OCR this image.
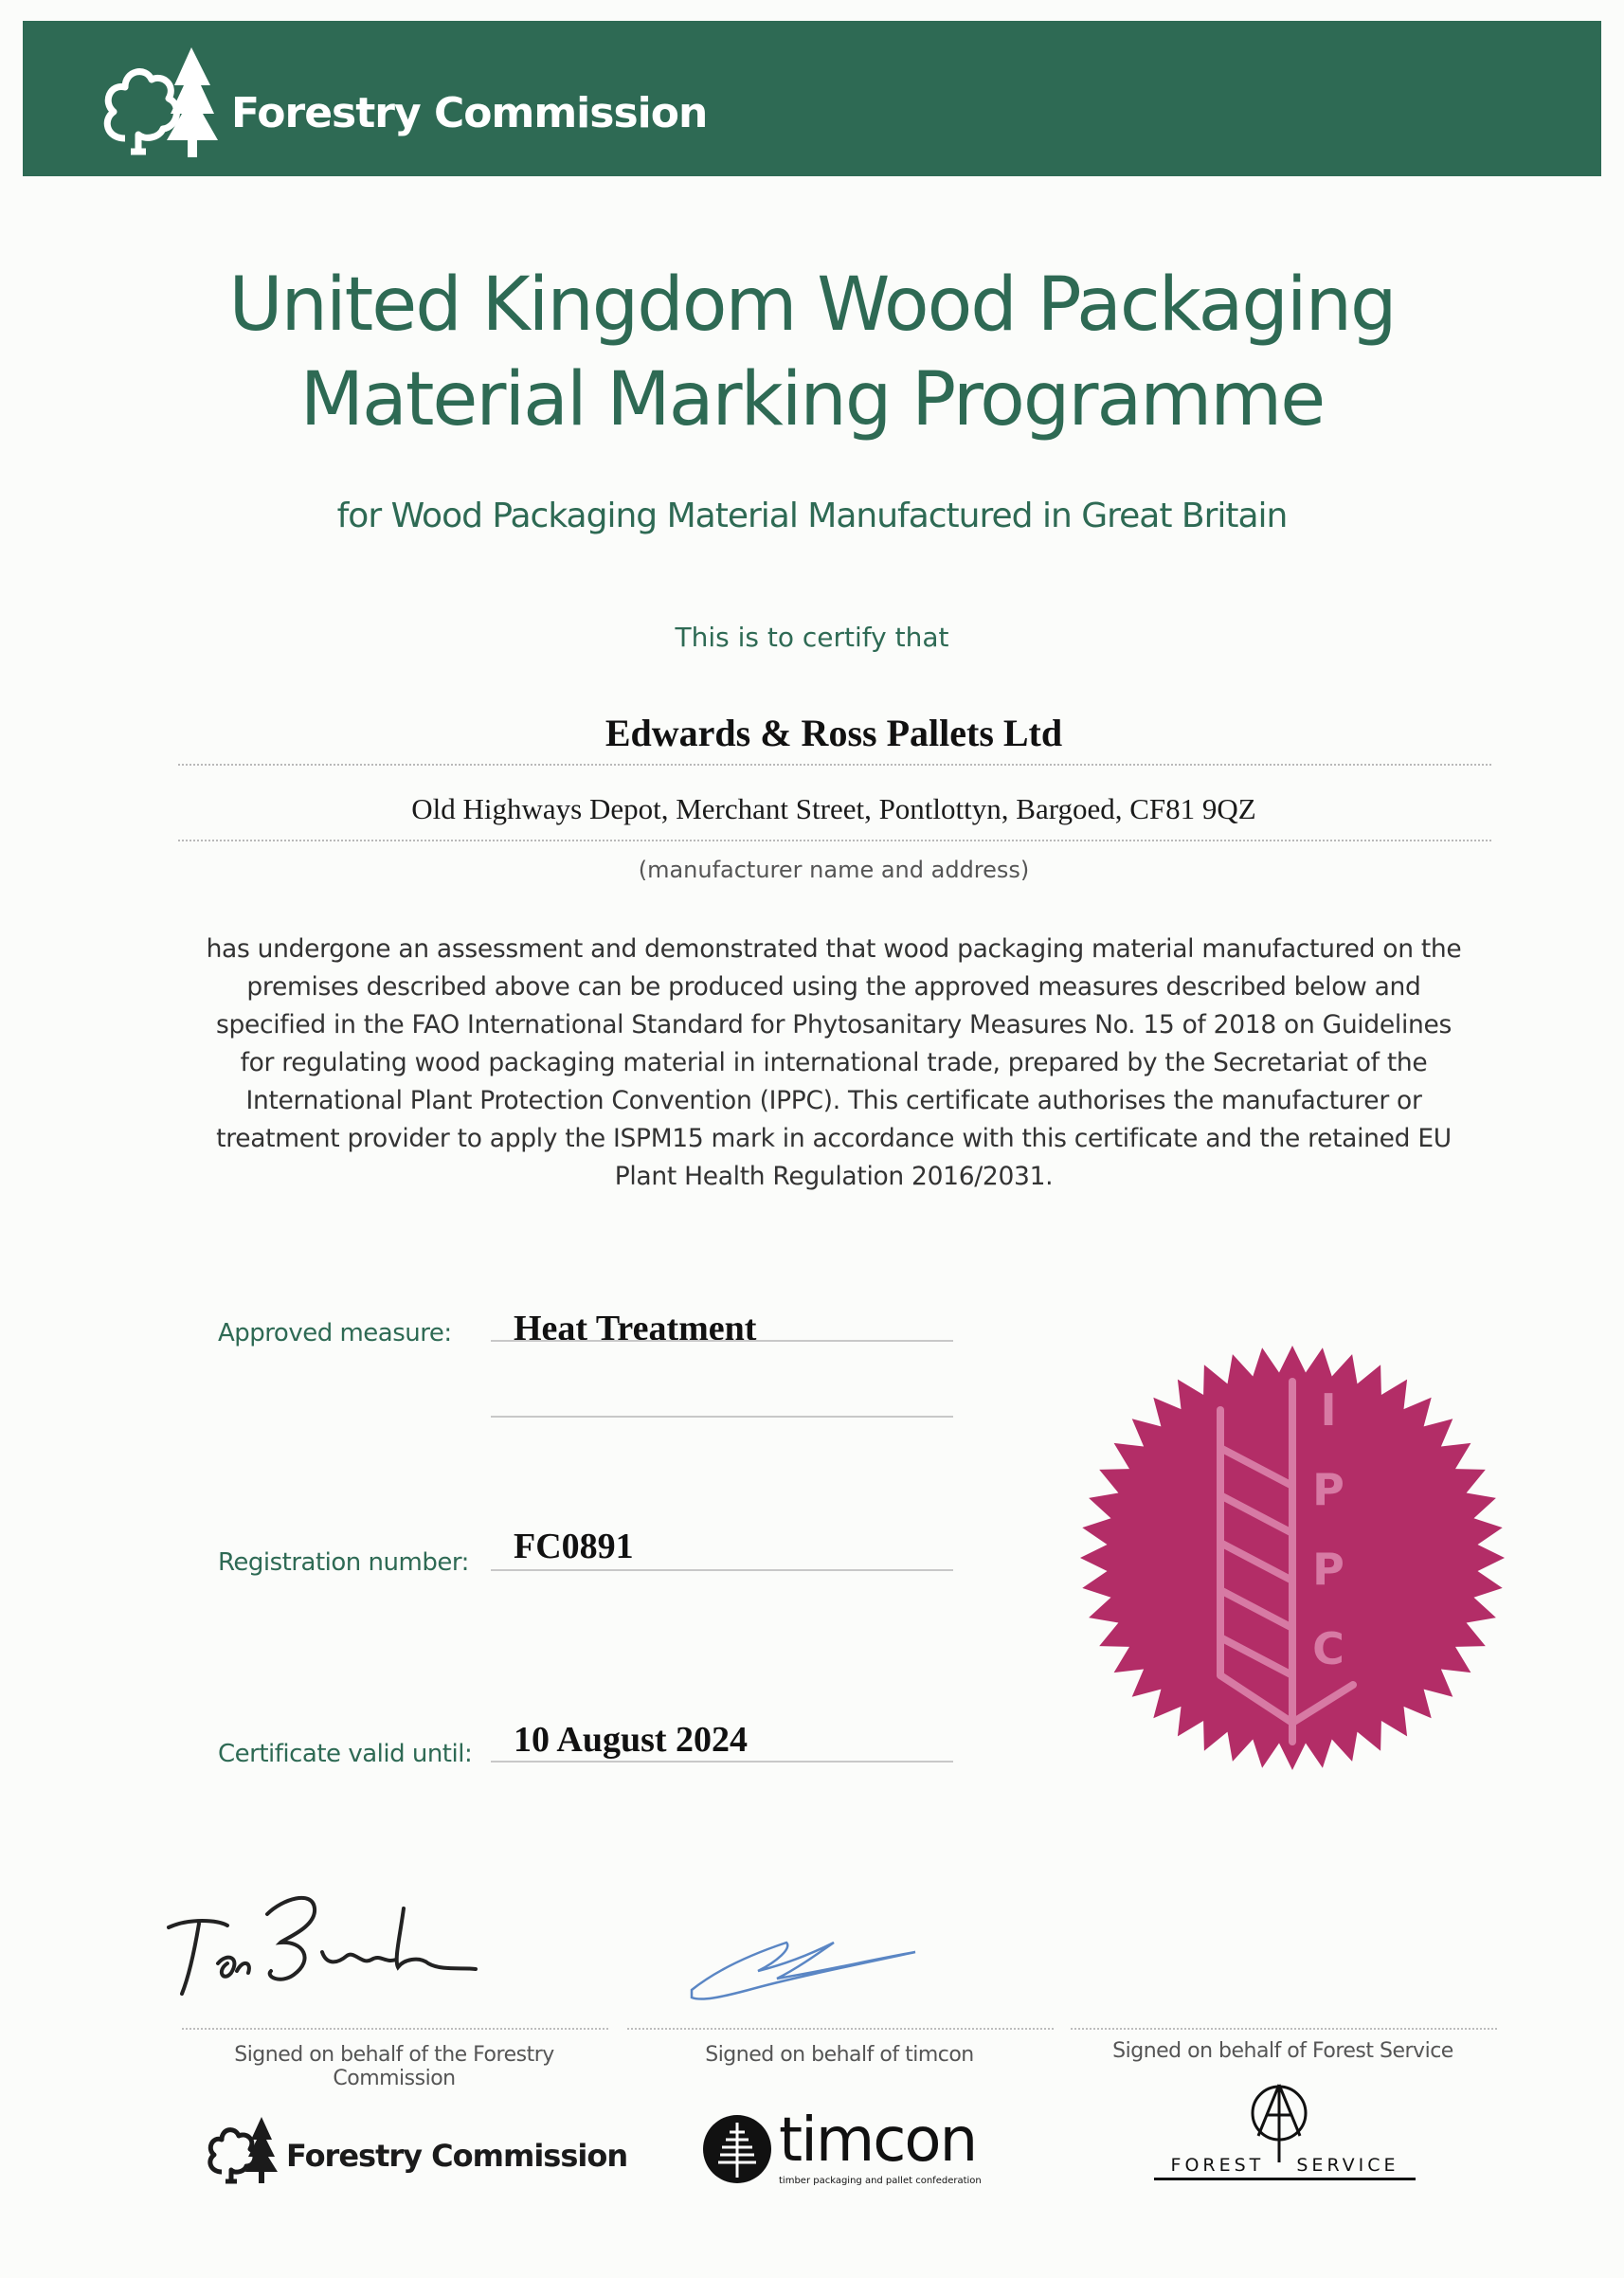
Forestry Commission
United Kingdom Wood Packaging
Material Marking Programme
for Wood Packaging Material Manufactured in Great Britain
This is to certify that
Edwards & Ross Pallets Ltd
Old Highways Depot, Merchant Street, Pontlottyn, Bargoed, CF81 9QZ
(manufacturer name and address)
has undergone an assessment and demonstrated that wood packaging material manufactured on the premises described above can be produced using the approved measures described below and specified in the FAO International Standard for Phytosanitary Measures No. 15 of 2018 on Guidelines for regulating wood packaging material in international trade, prepared by the Secretariat of the International Plant Protection Convention (IPPC). This certificate authorises the manufacturer or treatment provider to apply the ISPM15 mark in accordance with this certificate and the retained EU Plant Health Regulation 2016/2031.
Approved measure: Heat Treatment
Registration number: FC0891
Certificate valid until: 10 August 2024
I
P
P
C
Signed on behalf of the Forestry Commission
Signed on behalf of timcon	Signed on behalf of Forest Service
Forestry Commission timcon
timber packaging and pallet confederation
FOREST SERVICE
